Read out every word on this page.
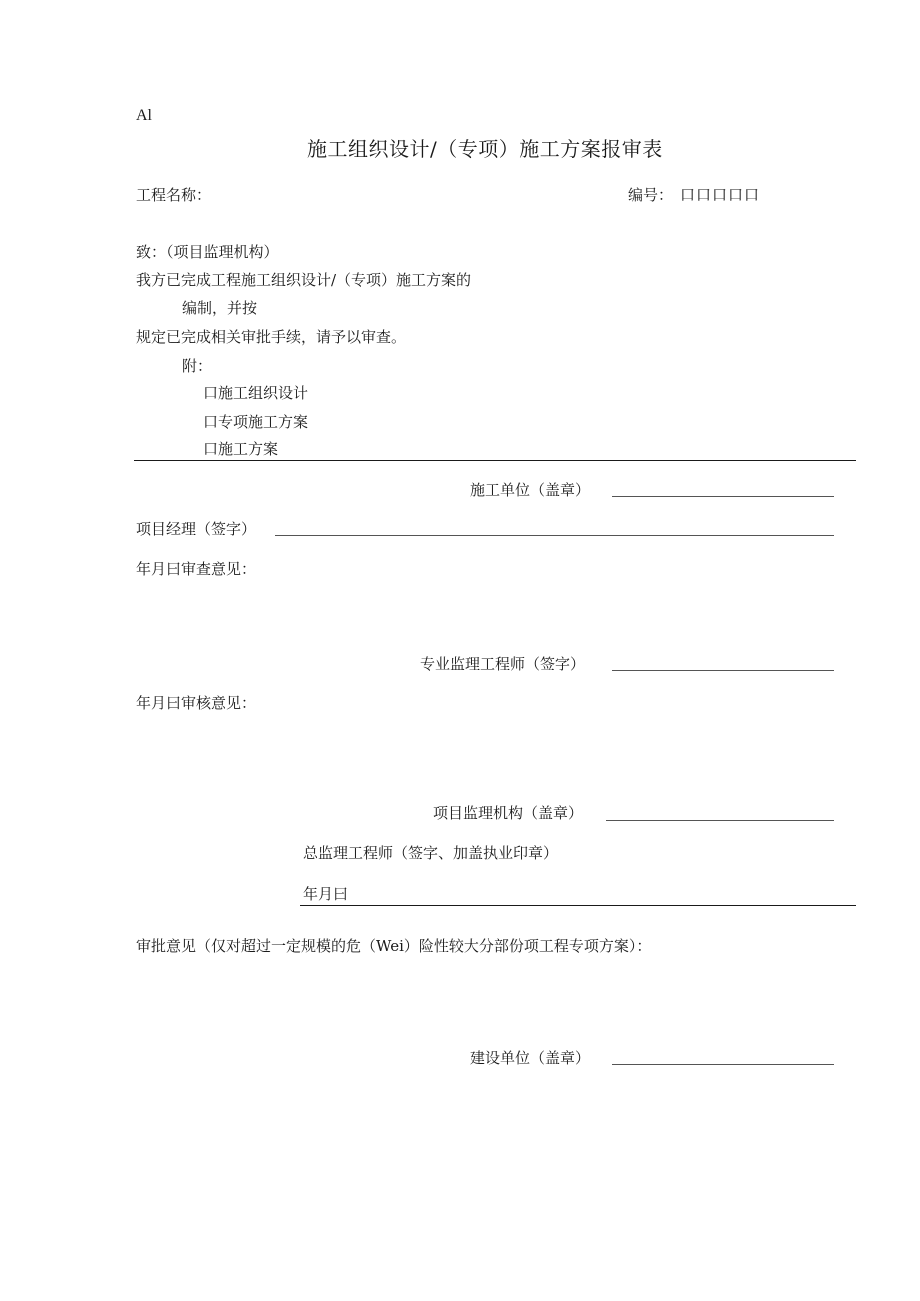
Al
施工组织设计/（专项）施工方案报审表
工程名称：	编号： 口口口口口
致：（项目监理机构）
我方已完成工程施工组织设计/（专项）施工方案的
编制，并按
规定已完成相关审批手续，请予以审查。
附：
口施工组织设计
口专项施工方案
口施工方案
施工单位（盖章）
项目经理（签字）
年月曰审查意见：
专业监理工程师（签字）
年月曰审核意见：
项目监理机构（盖章）
总监理工程师（签字、加盖执业印章）
年月曰
审批意见（仅对超过一定规模的危（Wei）险性较大分部份项工程专项方案）：
建设单位（盖章）
